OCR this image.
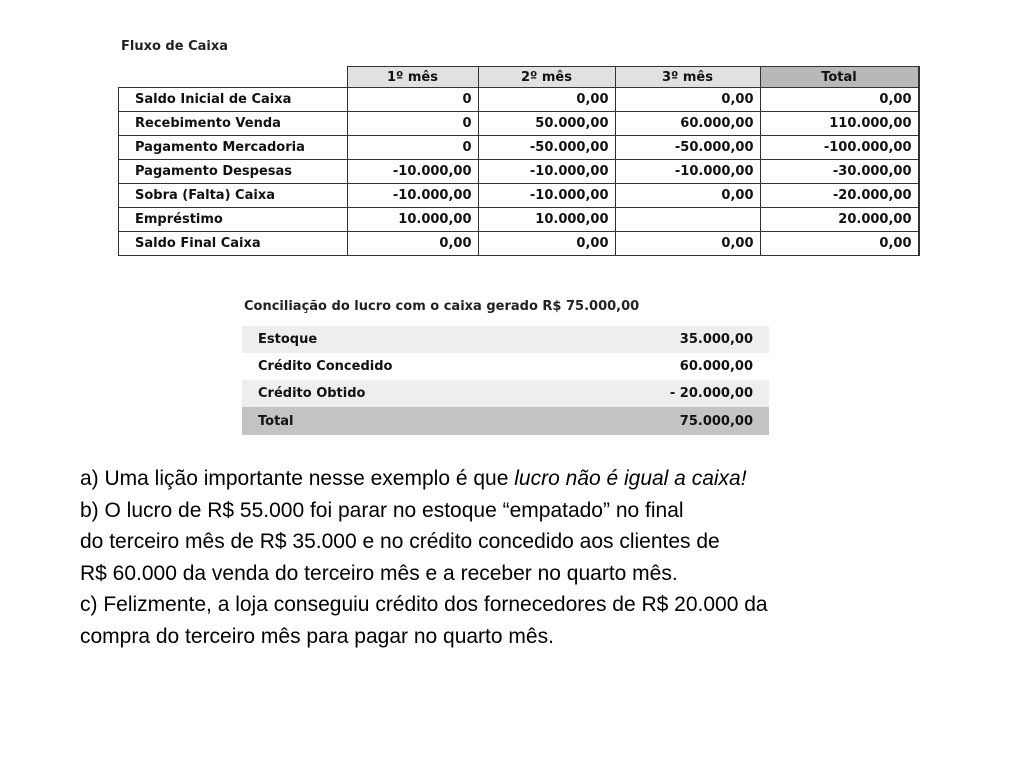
Fluxo de Caixa
	1º mês	2º mês	3º mês	Total
Saldo Inicial de Caixa	0	0,00	0,00	0,00
Recebimento Venda	0	50.000,00	60.000,00	110.000,00
Pagamento Mercadoria	0	-50.000,00	-50.000,00	-100.000,00
Pagamento Despesas	-10.000,00	-10.000,00	-10.000,00	-30.000,00
Sobra (Falta) Caixa	-10.000,00	-10.000,00	0,00	-20.000,00
Empréstimo	10.000,00	10.000,00		20.000,00
Saldo Final Caixa	0,00	0,00	0,00	0,00
Conciliação do lucro com o caixa gerado R$ 75.000,00
Estoque	35.000,00
Crédito Concedido	60.000,00
Crédito Obtido	- 20.000,00
Total	75.000,00

a) Uma lição importante nesse exemplo é que lucro não é igual a caixa!

b) O lucro de R$ 55.000 foi parar no estoque “empatado” no final

do terceiro mês de R$ 35.000 e no crédito concedido aos clientes de

R$ 60.000 da venda do terceiro mês e a receber no quarto mês.

c) Felizmente, a loja conseguiu crédito dos fornecedores de R$ 20.000 da

compra do terceiro mês para pagar no quarto mês.
